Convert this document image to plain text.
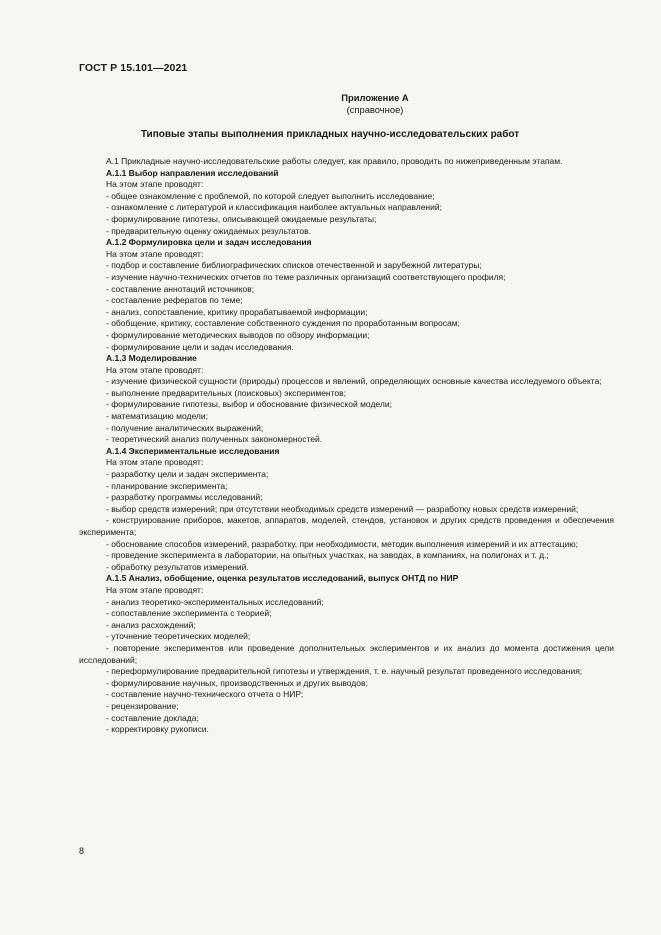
ГОСТ Р 15.101—2021
Приложение А
(справочное)
Типовые этапы выполнения прикладных научно-исследовательских работ

А.1 Прикладные научно-исследовательские работы следует, как правило, проводить по нижеприведенным этапам.

А.1.1 Выбор направления исследований

На этом этапе проводят:

- общее ознакомление с проблемой, по которой следует выполнить исследование;

- ознакомление с литературой и классификация наиболее актуальных направлений;

- формулирование гипотезы, описывающей ожидаемые результаты;

- предварительную оценку ожидаемых результатов.

А.1.2 Формулировка цели и задач исследования

На этом этапе проводят:

- подбор и составление библиографических списков отечественной и зарубежной литературы;

- изучение научно-технических отчетов по теме различных организаций соответствующего профиля;

- составление аннотаций источников;

- составление рефератов по теме;

- анализ, сопоставление, критику прорабатываемой информации;

- обобщение, критику, составление собственного суждения по проработанным вопросам;

- формулирование методических выводов по обзору информации;

- формулирование цели и задач исследования.

А.1.3 Моделирование

На этом этапе проводят:

- изучение физической сущности (природы) процессов и явлений, определяющих основные качества исследуемого объекта;

- выполнение предварительных (поисковых) экспериментов;

- формулирование гипотезы, выбор и обоснование физической модели;

- математизацию модели;

- получение аналитических выражений;

- теоретический анализ полученных закономерностей.

А.1.4 Экспериментальные исследования

На этом этапе проводят:

- разработку цели и задач эксперимента;

- планирование эксперимента;

- разработку программы исследований;

- выбор средств измерений; при отсутствии необходимых средств измерений — разработку новых средств измерений;

- конструирование приборов, макетов, аппаратов, моделей, стендов, установок и других средств проведения и обеспечения эксперимента;

- обоснование способов измерений, разработку, при необходимости, методик выполнения измерений и их аттестацию;

- проведение эксперимента в лаборатории, на опытных участках, на заводах, в компаниях, на полигонах и т. д.;

- обработку результатов измерений.

А.1.5 Анализ, обобщение, оценка результатов исследований, выпуск ОНТД по НИР

На этом этапе проводят:

- анализ теоретико-экспериментальных исследований;

- сопоставление эксперимента с теорией;

- анализ расхождений;

- уточнение теоретических моделей;

- повторение экспериментов или проведение дополнительных экспериментов и их анализ до момента достижения цели исследований;

- переформулирование предварительной гипотезы и утверждения, т. е. научный результат проведенного исследования;

- формулирование научных, производственных и других выводов;

- составление научно-технического отчета о НИР;

- рецензирование;

- составление доклада;

- корректировку рукописи.

8
